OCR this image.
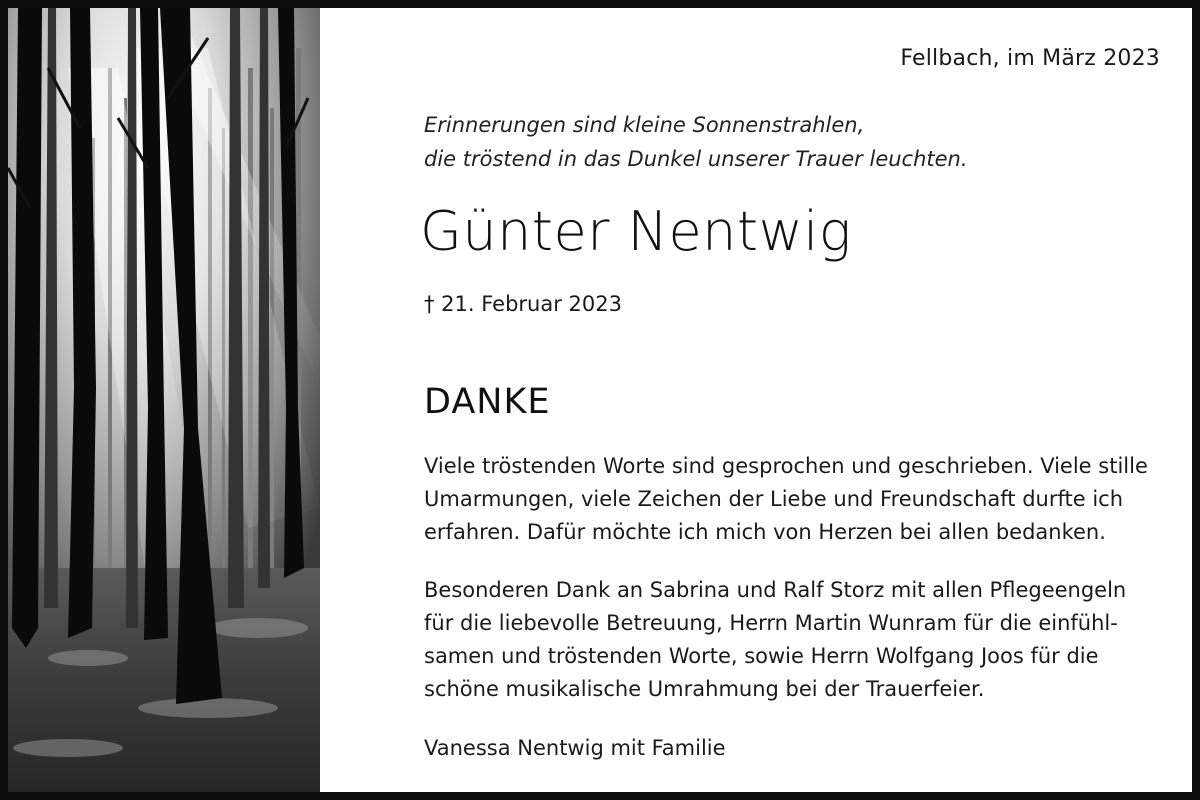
Fellbach, im März 2023
Erinnerungen sind kleine Sonnenstrahlen,
die tröstend in das Dunkel unserer Trauer leuchten.
Günter Nentwig
† 21. Februar 2023
DANKE
Viele tröstenden Worte sind gesprochen und geschrieben. Viele stille
Umarmungen, viele Zeichen der Liebe und Freundschaft durfte ich
erfahren. Dafür möchte ich mich von Herzen bei allen bedanken.
Besonderen Dank an Sabrina und Ralf Storz mit allen Pflegeengeln
für die liebevolle Betreuung, Herrn Martin Wunram für die einfühl-
samen und tröstenden Worte, sowie Herrn Wolfgang Joos für die
schöne musikalische Umrahmung bei der Trauerfeier.
Vanessa Nentwig mit Familie
